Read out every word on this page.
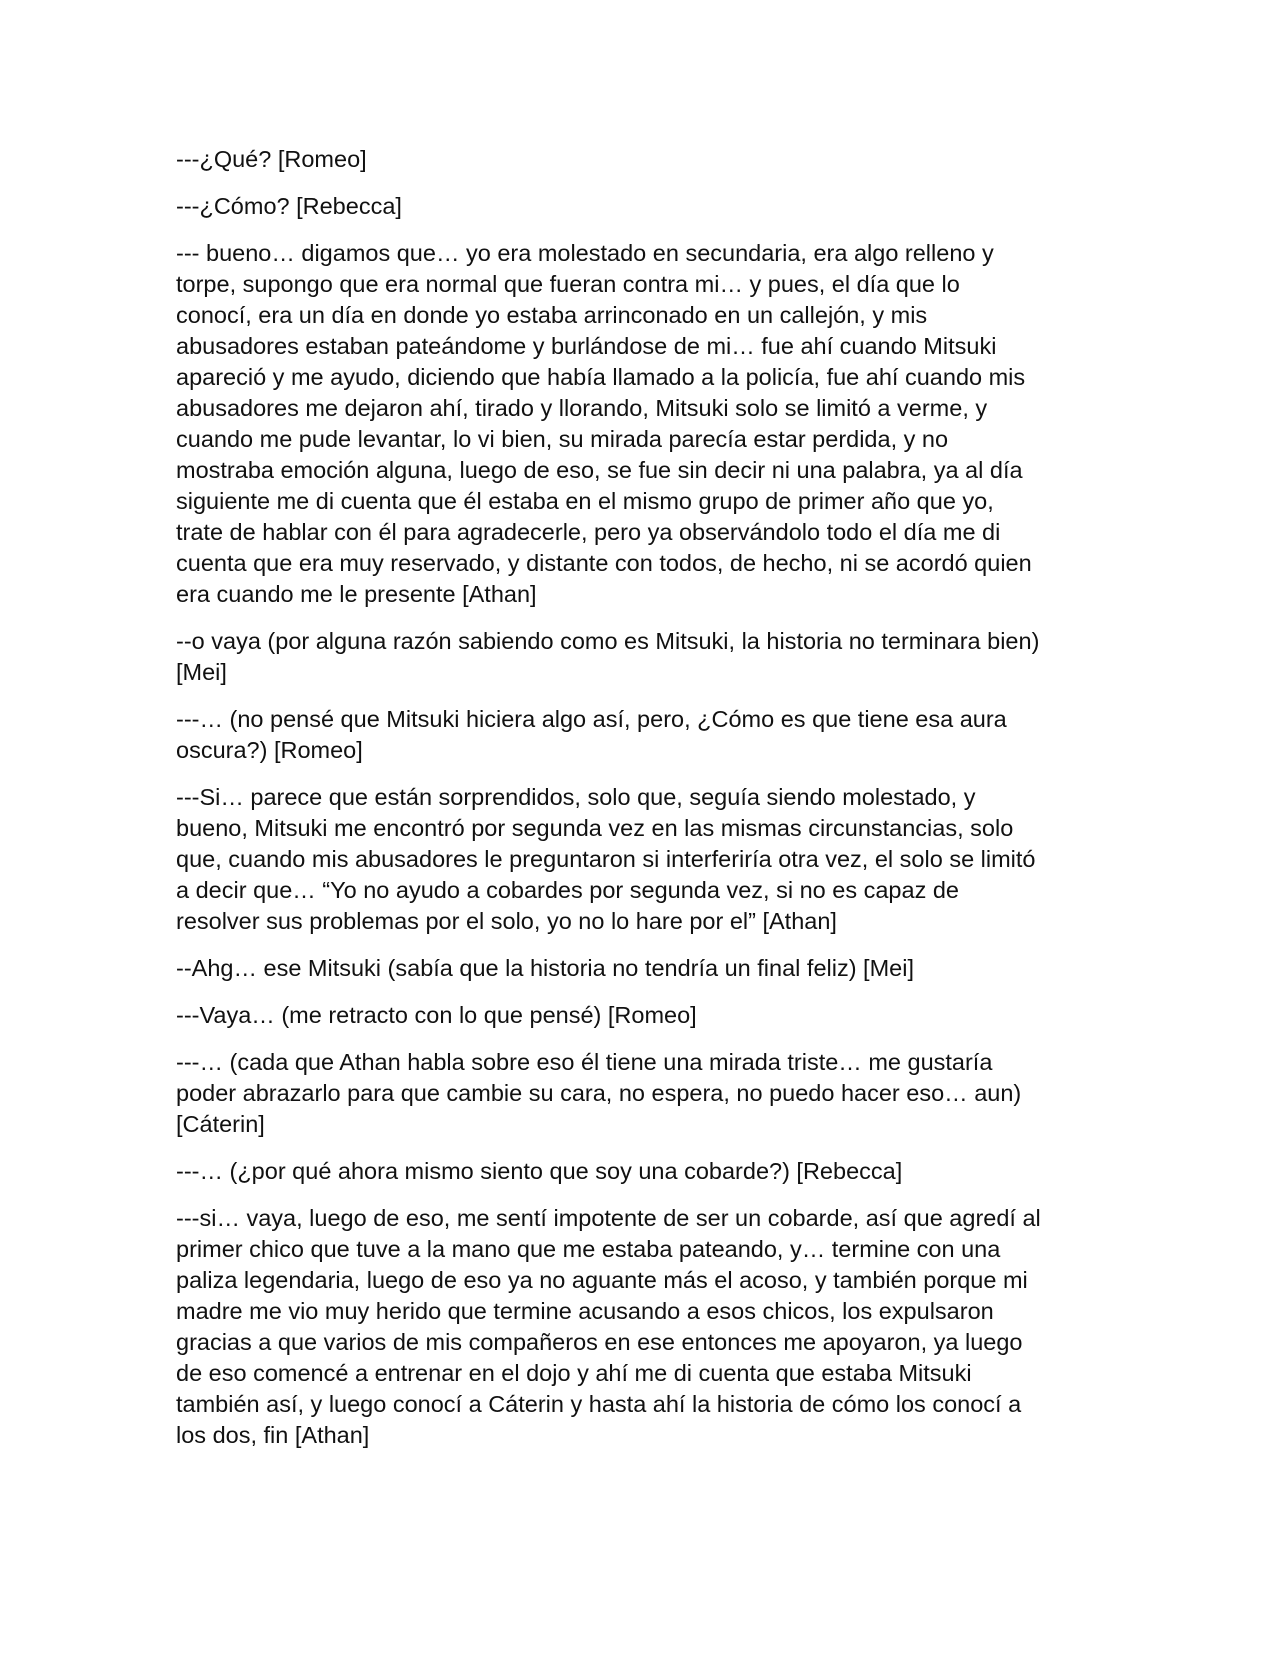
---¿Qué? [Romeo]

---¿Cómo? [Rebecca]

--- bueno… digamos que… yo era molestado en secundaria, era algo relleno y
torpe, supongo que era normal que fueran contra mi… y pues, el día que lo
conocí, era un día en donde yo estaba arrinconado en un callejón, y mis
abusadores estaban pateándome y burlándose de mi… fue ahí cuando Mitsuki
apareció y me ayudo, diciendo que había llamado a la policía, fue ahí cuando mis
abusadores me dejaron ahí, tirado y llorando, Mitsuki solo se limitó a verme, y
cuando me pude levantar, lo vi bien, su mirada parecía estar perdida, y no
mostraba emoción alguna, luego de eso, se fue sin decir ni una palabra, ya al día
siguiente me di cuenta que él estaba en el mismo grupo de primer año que yo,
trate de hablar con él para agradecerle, pero ya observándolo todo el día me di
cuenta que era muy reservado, y distante con todos, de hecho, ni se acordó quien
era cuando me le presente [Athan]

--o vaya (por alguna razón sabiendo como es Mitsuki, la historia no terminara bien)
[Mei]

---… (no pensé que Mitsuki hiciera algo así, pero, ¿Cómo es que tiene esa aura
oscura?) [Romeo]

---Si… parece que están sorprendidos, solo que, seguía siendo molestado, y
bueno, Mitsuki me encontró por segunda vez en las mismas circunstancias, solo
que, cuando mis abusadores le preguntaron si interferiría otra vez, el solo se limitó
a decir que… “Yo no ayudo a cobardes por segunda vez, si no es capaz de
resolver sus problemas por el solo, yo no lo hare por el” [Athan]

--Ahg… ese Mitsuki (sabía que la historia no tendría un final feliz) [Mei]

---Vaya… (me retracto con lo que pensé) [Romeo]

---… (cada que Athan habla sobre eso él tiene una mirada triste… me gustaría
poder abrazarlo para que cambie su cara, no espera, no puedo hacer eso… aun)
[Cáterin]

---… (¿por qué ahora mismo siento que soy una cobarde?) [Rebecca]

---si… vaya, luego de eso, me sentí impotente de ser un cobarde, así que agredí al
primer chico que tuve a la mano que me estaba pateando, y… termine con una
paliza legendaria, luego de eso ya no aguante más el acoso, y también porque mi
madre me vio muy herido que termine acusando a esos chicos, los expulsaron
gracias a que varios de mis compañeros en ese entonces me apoyaron, ya luego
de eso comencé a entrenar en el dojo y ahí me di cuenta que estaba Mitsuki
también así, y luego conocí a Cáterin y hasta ahí la historia de cómo los conocí a
los dos, fin [Athan]
